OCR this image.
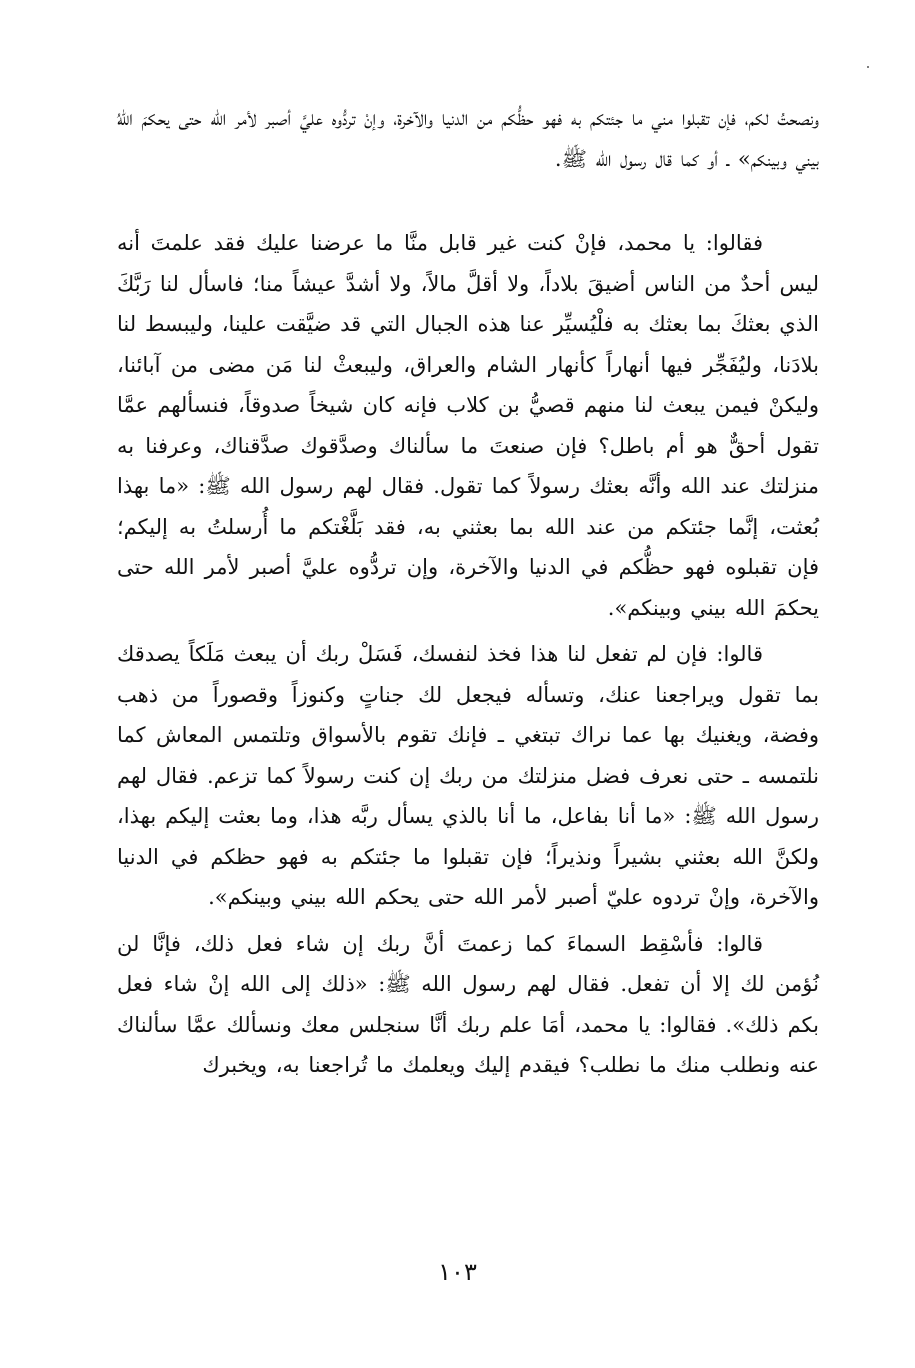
ونصحتُ لكم، فإن تقبلوا مني ما جئتكم به فهو حظُّكم من الدنيا والآخرة، وإنْ تردُّوه عليَّ أصبر لأمر الله حتى يحكمَ اللهُ بيني وبينكم» ـ أو كما قال رسول الله ﷺ.

فقالوا: يا محمد، فإنْ كنت غير قابل منَّا ما عرضنا عليك فقد علمتَ أنه ليس أحدٌ من الناس أضيقَ بلاداً، ولا أقلَّ مالاً، ولا أشدَّ عيشاً منا؛ فاسأل لنا رَبَّكَ الذي بعثكَ بما بعثك به فلْيُسيِّر عنا هذه الجبال التي قد ضيَّقت علينا، وليبسط لنا بلادَنا، وليُفَجِّر فيها أنهاراً كأنهار الشام والعراق، وليبعثْ لنا مَن مضى من آبائنا، وليكنْ فيمن يبعث لنا منهم قصيُّ بن كلاب فإنه كان شيخاً صدوقاً، فنسألهم عمَّا تقول أحقٌّ هو أم باطل؟ فإن صنعتَ ما سألناك وصدَّقوك صدَّقناك، وعرفنا به منزلتك عند الله وأنَّه بعثك رسولاً كما تقول. فقال لهم رسول الله ﷺ: «ما بهذا بُعثت، إنَّما جئتكم من عند الله بما بعثني به، فقد بَلَّغْتكم ما أُرسلتُ به إليكم؛ فإن تقبلوه فهو حظُّكم في الدنيا والآخرة، وإن تردُّوه عليَّ أصبر لأمر الله حتى يحكمَ الله بيني وبينكم».

قالوا: فإن لم تفعل لنا هذا فخذ لنفسك، فَسَلْ ربك أن يبعث مَلَكاً يصدقك بما تقول ويراجعنا عنك، وتسأله فيجعل لك جناتٍ وكنوزاً وقصوراً من ذهب وفضة، ويغنيك بها عما نراك تبتغي ـ فإنك تقوم بالأسواق وتلتمس المعاش كما نلتمسه ـ حتى نعرف فضل منزلتك من ربك إن كنت رسولاً كما تزعم. فقال لهم رسول الله ﷺ: «ما أنا بفاعل، ما أنا بالذي يسأل ربَّه هذا، وما بعثت إليكم بهذا، ولكنَّ الله بعثني بشيراً ونذيراً؛ فإن تقبلوا ما جئتكم به فهو حظكم في الدنيا والآخرة، وإنْ تردوه عليّ أصبر لأمر الله حتى يحكم الله بيني وبينكم».

قالوا: فأسْقِط السماءَ كما زعمتَ أنَّ ربك إن شاء فعل ذلك، فإنَّا لن نُؤمن لك إلا أن تفعل. فقال لهم رسول الله ﷺ: «ذلك إلى الله إنْ شاء فعل بكم ذلك». فقالوا: يا محمد، أمَا علم ربك أنَّا سنجلس معك ونسألك عمَّا سألناك عنه ونطلب منك ما نطلب؟ فيقدم إليك ويعلمك ما تُراجعنا به، ويخبرك

١٠٣
